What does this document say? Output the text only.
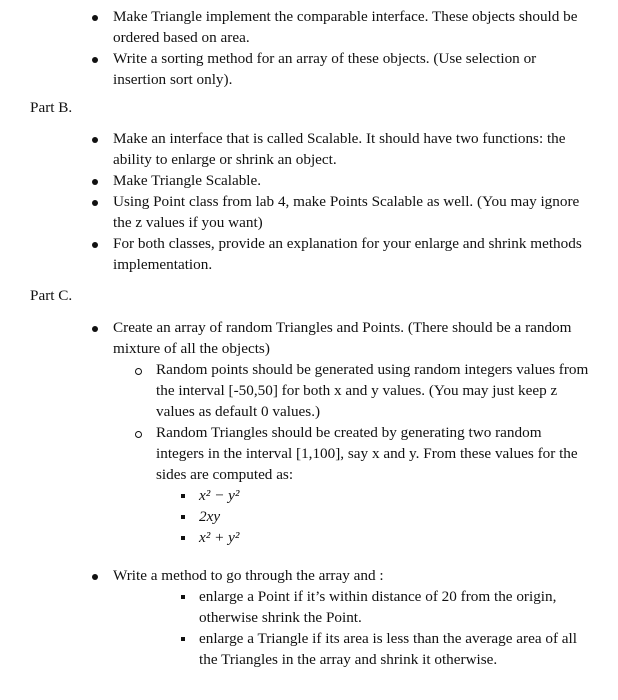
Make Triangle implement the comparable interface. These objects should be ordered based on area.
Write a sorting method for an array of these objects. (Use selection or insertion sort only).
Part B.
Make an interface that is called Scalable. It should have two functions: the ability to enlarge or shrink an object.
Make Triangle Scalable.
Using Point class from lab 4, make Points Scalable as well. (You may ignore the z values if you want)
For both classes, provide an explanation for your enlarge and shrink methods implementation.
Part C.
Create an array of random Triangles and Points. (There should be a random mixture of all the objects)
Random points should be generated using random integers values from the interval [-50,50] for both x and y values. (You may just keep z values as default 0 values.)
Random Triangles should be created by generating two random integers in the interval [1,100], say x and y. From these values for the sides are computed as:
x² − y²
2xy
x² + y²
Write a method to go through the array and :
enlarge a Point if it’s within distance of 20 from the origin, otherwise shrink the Point.
enlarge a Triangle if its area is less than the average area of all the Triangles in the array and shrink it otherwise.
